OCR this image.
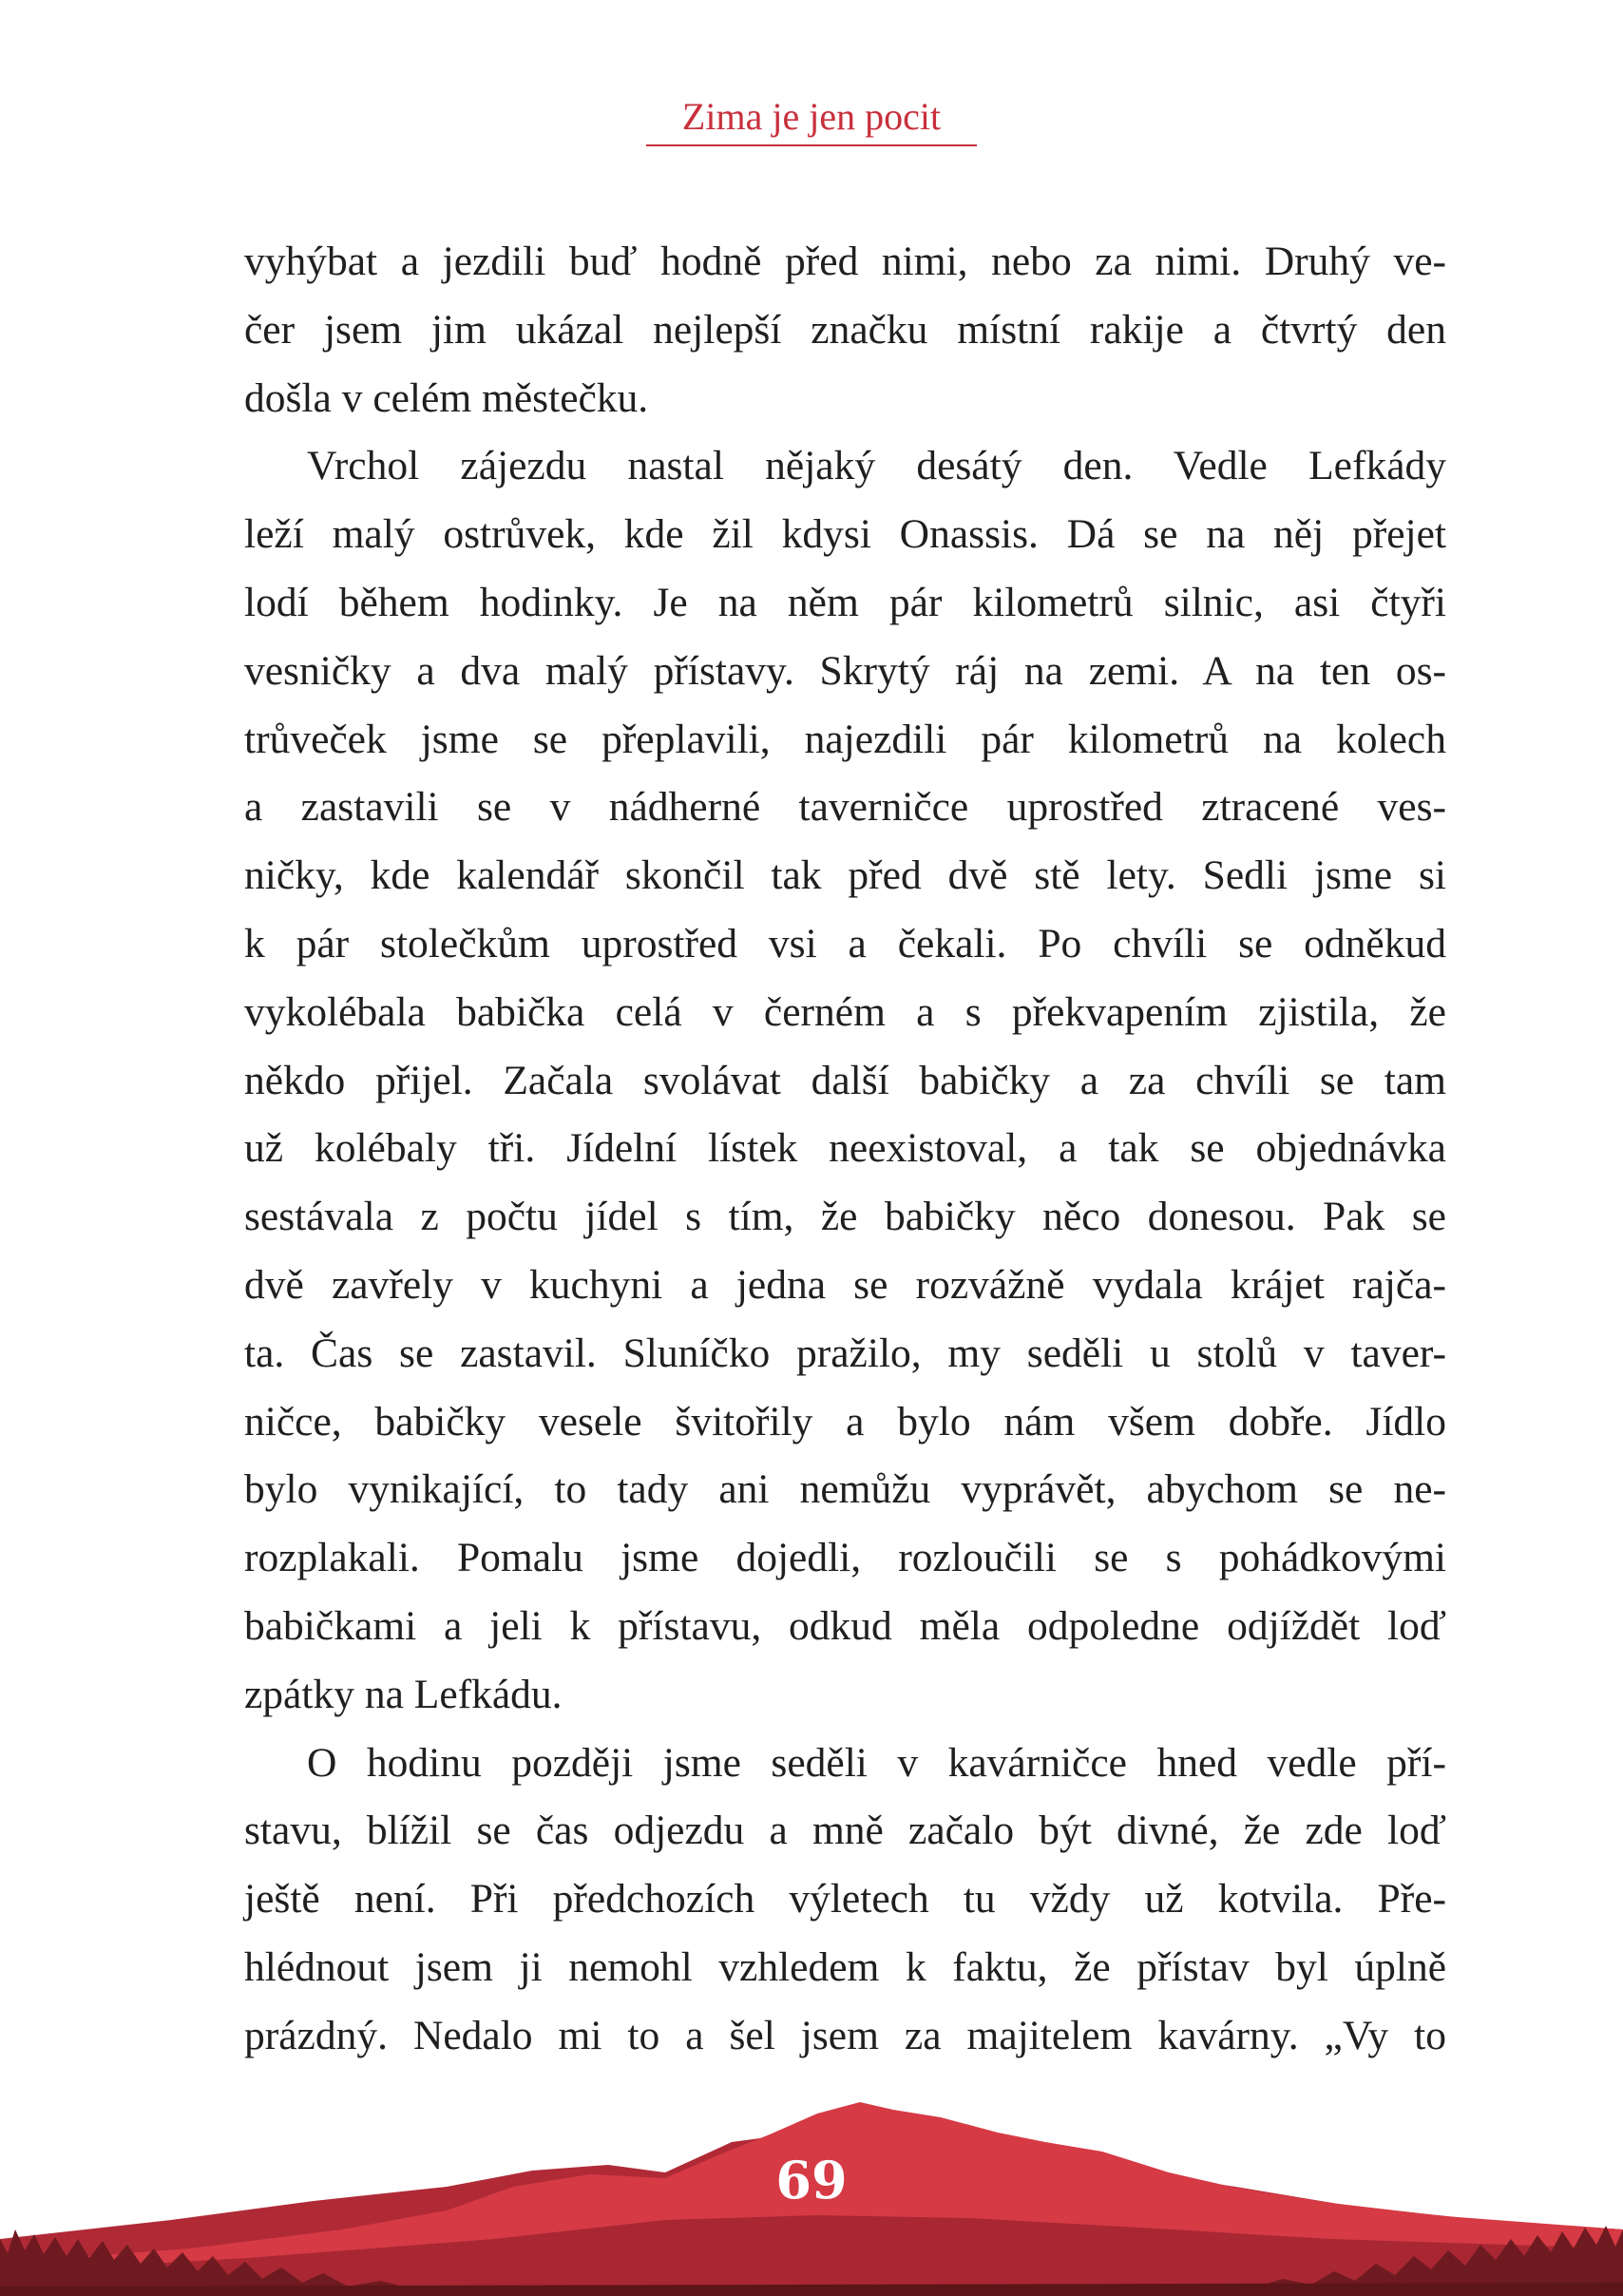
Zima je jen pocit
vyhýbat a jezdili buď hodně před nimi, nebo za nimi. Druhý ve-
čer jsem jim ukázal nejlepší značku místní rakije a čtvrtý den
došla v celém městečku.
Vrchol zájezdu nastal nějaký desátý den. Vedle Lefkády
leží malý ostrůvek, kde žil kdysi Onassis. Dá se na něj přejet
lodí během hodinky. Je na něm pár kilometrů silnic, asi čtyři
vesničky a dva malý přístavy. Skrytý ráj na zemi. A na ten os-
trůveček jsme se přeplavili, najezdili pár kilometrů na kolech
a zastavili se v nádherné taverničce uprostřed ztracené ves-
ničky, kde kalendář skončil tak před dvě stě lety. Sedli jsme si
k pár stolečkům uprostřed vsi a čekali. Po chvíli se odněkud
vykolébala babička celá v černém a s překvapením zjistila, že
někdo přijel. Začala svolávat další babičky a za chvíli se tam
už kolébaly tři. Jídelní lístek neexistoval, a tak se objednávka
sestávala z počtu jídel s tím, že babičky něco donesou. Pak se
dvě zavřely v kuchyni a jedna se rozvážně vydala krájet rajča-
ta. Čas se zastavil. Sluníčko pražilo, my seděli u stolů v taver-
ničce, babičky vesele švitořily a bylo nám všem dobře. Jídlo
bylo vynikající, to tady ani nemůžu vyprávět, abychom se ne-
rozplakali. Pomalu jsme dojedli, rozloučili se s pohádkovými
babičkami a jeli k přístavu, odkud měla odpoledne odjíždět loď
zpátky na Lefkádu.
O hodinu později jsme seděli v kavárničce hned vedle pří-
stavu, blížil se čas odjezdu a mně začalo být divné, že zde loď
ještě není. Při předchozích výletech tu vždy už kotvila. Pře-
hlédnout jsem ji nemohl vzhledem k faktu, že přístav byl úplně
prázdný. Nedalo mi to a šel jsem za majitelem kavárny. „Vy to
69
